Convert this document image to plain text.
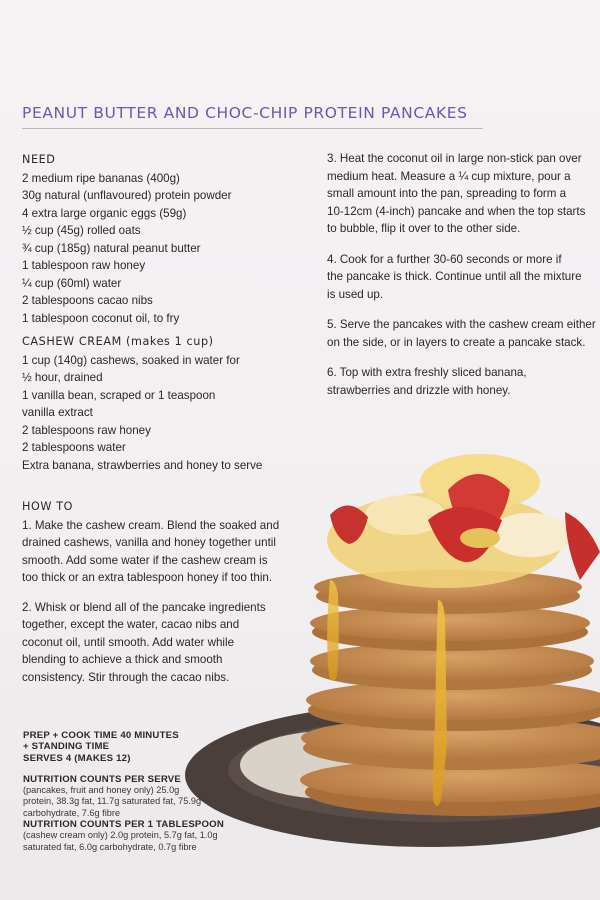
PEANUT BUTTER AND CHOC-CHIP PROTEIN PANCAKES
NEED
2 medium ripe bananas (400g)
30g natural (unflavoured) protein powder
4 extra large organic eggs (59g)
½ cup (45g) rolled oats
¾ cup (185g) natural peanut butter
1 tablespoon raw honey
¼ cup (60ml) water
2 tablespoons cacao nibs
1 tablespoon coconut oil, to fry
CASHEW CREAM (makes 1 cup)
1 cup (140g) cashews, soaked in water for
½ hour, drained
1 vanilla bean, scraped or 1 teaspoon
vanilla extract
2 tablespoons raw honey
2 tablespoons water
Extra banana, strawberries and honey to serve
3. Heat the coconut oil in large non-stick pan over
medium heat. Measure a ¼ cup mixture, pour a
small amount into the pan, spreading to form a
10-12cm (4-inch) pancake and when the top starts
to bubble, flip it over to the other side.
4. Cook for a further 30-60 seconds or more if
the pancake is thick. Continue until all the mixture
is used up.
5. Serve the pancakes with the cashew cream either
on the side, or in layers to create a pancake stack.
6. Top with extra freshly sliced banana,
strawberries and drizzle with honey.
HOW TO
1. Make the cashew cream. Blend the soaked and
drained cashews, vanilla and honey together until
smooth. Add some water if the cashew cream is
too thick or an extra tablespoon honey if too thin.
2. Whisk or blend all of the pancake ingredients
together, except the water, cacao nibs and
coconut oil, until smooth. Add water while
blending to achieve a thick and smooth
consistency. Stir through the cacao nibs.
PREP + COOK TIME 40 MINUTES
+ STANDING TIME
SERVES 4 (MAKES 12)
NUTRITION COUNTS PER SERVE
(pancakes, fruit and honey only) 25.0g
protein, 38.3g fat, 11.7g saturated fat, 75.9g
carbohydrate, 7.6g fibre
NUTRITION COUNTS PER 1 TABLESPOON
(cashew cream only) 2.0g protein, 5.7g fat, 1.0g
saturated fat, 6.0g carbohydrate, 0.7g fibre
